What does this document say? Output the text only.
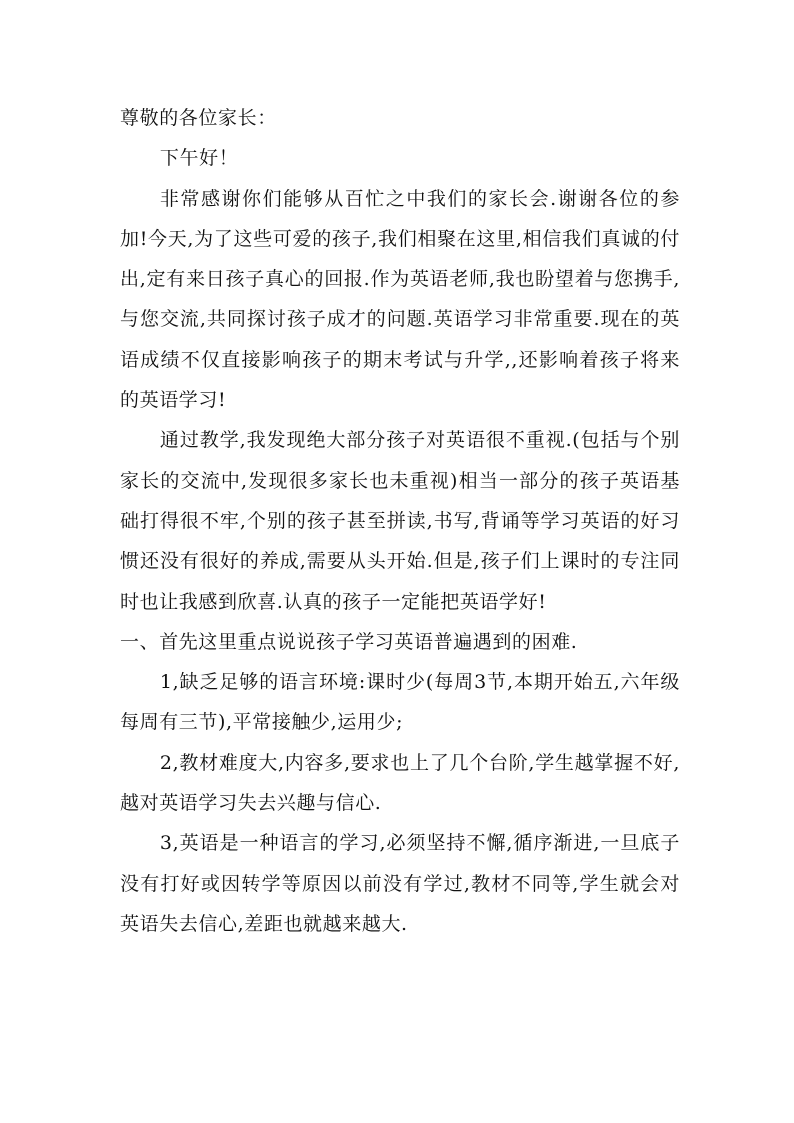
尊敬的各位家长：

下午好！

非常感谢你们能够从百忙之中我们的家长会.谢谢各位的参加!今天,为了这些可爱的孩子,我们相聚在这里,相信我们真诚的付出,定有来日孩子真心的回报.作为英语老师,我也盼望着与您携手,与您交流,共同探讨孩子成才的问题.英语学习非常重要.现在的英语成绩不仅直接影响孩子的期末考试与升学,,还影响着孩子将来的英语学习!

通过教学,我发现绝大部分孩子对英语很不重视.(包括与个别家长的交流中,发现很多家长也未重视)相当一部分的孩子英语基础打得很不牢,个别的孩子甚至拼读,书写,背诵等学习英语的好习惯还没有很好的养成,需要从头开始.但是,孩子们上课时的专注同时也让我感到欣喜.认真的孩子一定能把英语学好!

一、首先这里重点说说孩子学习英语普遍遇到的困难.

1,缺乏足够的语言环境:课时少(每周3节,本期开始五,六年级每周有三节),平常接触少,运用少;

2,教材难度大,内容多,要求也上了几个台阶,学生越掌握不好,越对英语学习失去兴趣与信心.

3,英语是一种语言的学习,必须坚持不懈,循序渐进,一旦底子没有打好或因转学等原因以前没有学过,教材不同等,学生就会对英语失去信心,差距也就越来越大.
